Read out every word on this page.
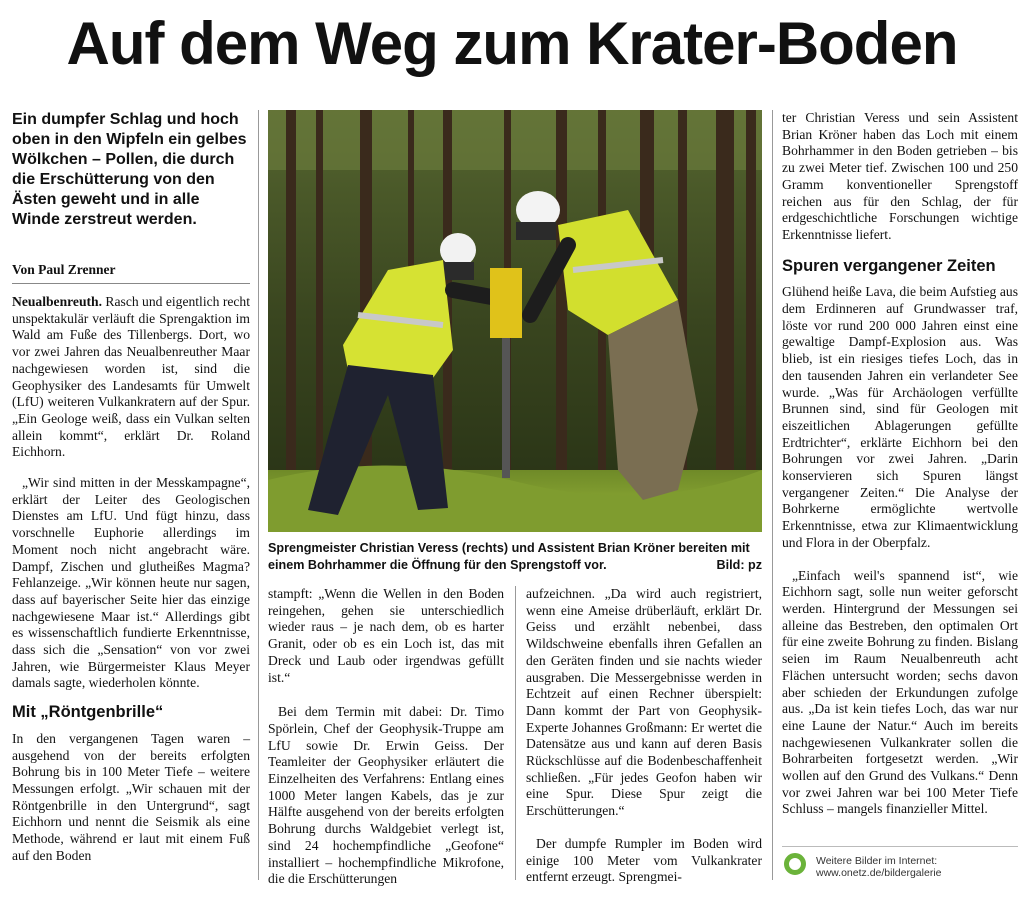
Auf dem Weg zum Krater-Boden
Ein dumpfer Schlag und hoch oben in den Wipfeln ein gelbes Wölkchen – Pollen, die durch die Erschütterung von den Ästen geweht und in alle Winde zerstreut werden.
Von Paul Zrenner

Neualbenreuth. Rasch und eigentlich recht unspektakulär verläuft die Sprengaktion im Wald am Fuße des Tillenbergs. Dort, wo vor zwei Jahren das Neualbenreuther Maar nachgewiesen worden ist, sind die Geophysiker des Landesamts für Umwelt (LfU) weiteren Vulkankratern auf der Spur. „Ein Geologe weiß, dass ein Vulkan selten allein kommt“, erklärt Dr. Roland Eichhorn.

„Wir sind mitten in der Messkampagne“, erklärt der Leiter des Geologischen Dienstes am LfU. Und fügt hinzu, dass vorschnelle Euphorie allerdings im Moment noch nicht angebracht wäre. Dampf, Zischen und glutheißes Magma? Fehlanzeige. „Wir können heute nur sagen, dass auf bayerischer Seite hier das einzige nachgewiesene Maar ist.“ Allerdings gibt es wissenschaftlich fundierte Erkenntnisse, dass sich die „Sensation“ von vor zwei Jahren, wie Bürgermeister Klaus Meyer damals sagte, wiederholen könnte.

Mit „Röntgenbrille“

In den vergangenen Tagen waren – ausgehend von der bereits erfolgten Bohrung bis in 100 Meter Tiefe – weitere Messungen erfolgt. „Wir schauen mit der Röntgenbrille in den Untergrund“, sagt Eichhorn und nennt die Seismik als eine Methode, während er laut mit einem Fuß auf den Boden

Sprengmeister Christian Veress (rechts) und Assistent Brian Kröner bereiten mit einem Bohrhammer die Öffnung für den Sprengstoff vor.	Bild: pz

stampft: „Wenn die Wellen in den Boden reingehen, gehen sie unterschiedlich wieder raus – je nach dem, ob es harter Granit, oder ob es ein Loch ist, das mit Dreck und Laub oder irgendwas gefüllt ist.“

Bei dem Termin mit dabei: Dr. Timo Spörlein, Chef der Geophysik-Truppe am LfU sowie Dr. Erwin Geiss. Der Teamleiter der Geophysiker erläutert die Einzelheiten des Verfahrens: Entlang eines 1000 Meter langen Kabels, das je zur Hälfte ausgehend von der bereits erfolgten Bohrung durchs Waldgebiet verlegt ist, sind 24 hochempfindliche „Geofone“ installiert – hochempfindliche Mikrofone, die die Erschütterungen

aufzeichnen. „Da wird auch registriert, wenn eine Ameise drüberläuft, erklärt Dr. Geiss und erzählt nebenbei, dass Wildschweine ebenfalls ihren Gefallen an den Geräten finden und sie nachts wieder ausgraben. Die Messergebnisse werden in Echtzeit auf einen Rechner überspielt: Dann kommt der Part von Geophysik-Experte Johannes Großmann: Er wertet die Datensätze aus und kann auf deren Basis Rückschlüsse auf die Bodenbeschaffenheit schließen. „Für jedes Geofon haben wir eine Spur. Diese Spur zeigt die Erschütterungen.“

Der dumpfe Rumpler im Boden wird einige 100 Meter vom Vulkankrater entfernt erzeugt. Sprengmei-

ter Christian Veress und sein Assistent Brian Kröner haben das Loch mit einem Bohrhammer in den Boden getrieben – bis zu zwei Meter tief. Zwischen 100 und 250 Gramm konventioneller Sprengstoff reichen aus für den Schlag, der für erdgeschichtliche Forschungen wichtige Erkenntnisse liefert.

Spuren vergangener Zeiten

Glühend heiße Lava, die beim Aufstieg aus dem Erdinneren auf Grundwasser traf, löste vor rund 200 000 Jahren einst eine gewaltige Dampf-Explosion aus. Was blieb, ist ein riesiges tiefes Loch, das in den tausenden Jahren ein verlandeter See wurde. „Was für Archäologen verfüllte Brunnen sind, sind für Geologen mit eiszeitlichen Ablagerungen gefüllte Erdtrichter“, erklärte Eichhorn bei den Bohrungen vor zwei Jahren. „Darin konservieren sich Spuren längst vergangener Zeiten.“ Die Analyse der Bohrkerne ermöglichte wertvolle Erkenntnisse, etwa zur Klimaentwicklung und Flora in der Oberpfalz.

„Einfach weil's spannend ist“, wie Eichhorn sagt, solle nun weiter geforscht werden. Hintergrund der Messungen sei alleine das Bestreben, den optimalen Ort für eine zweite Bohrung zu finden. Bislang seien im Raum Neualbenreuth acht Flächen untersucht worden; sechs davon aber schieden der Erkundungen zufolge aus. „Da ist kein tiefes Loch, das war nur eine Laune der Natur.“ Auch im bereits nachgewiesenen Vulkankrater sollen die Bohrarbeiten fortgesetzt werden. „Wir wollen auf den Grund des Vulkans.“ Denn vor zwei Jahren war bei 100 Meter Tiefe Schluss – mangels finanzieller Mittel.

Weitere Bilder im Internet:
www.onetz.de/bildergalerie
